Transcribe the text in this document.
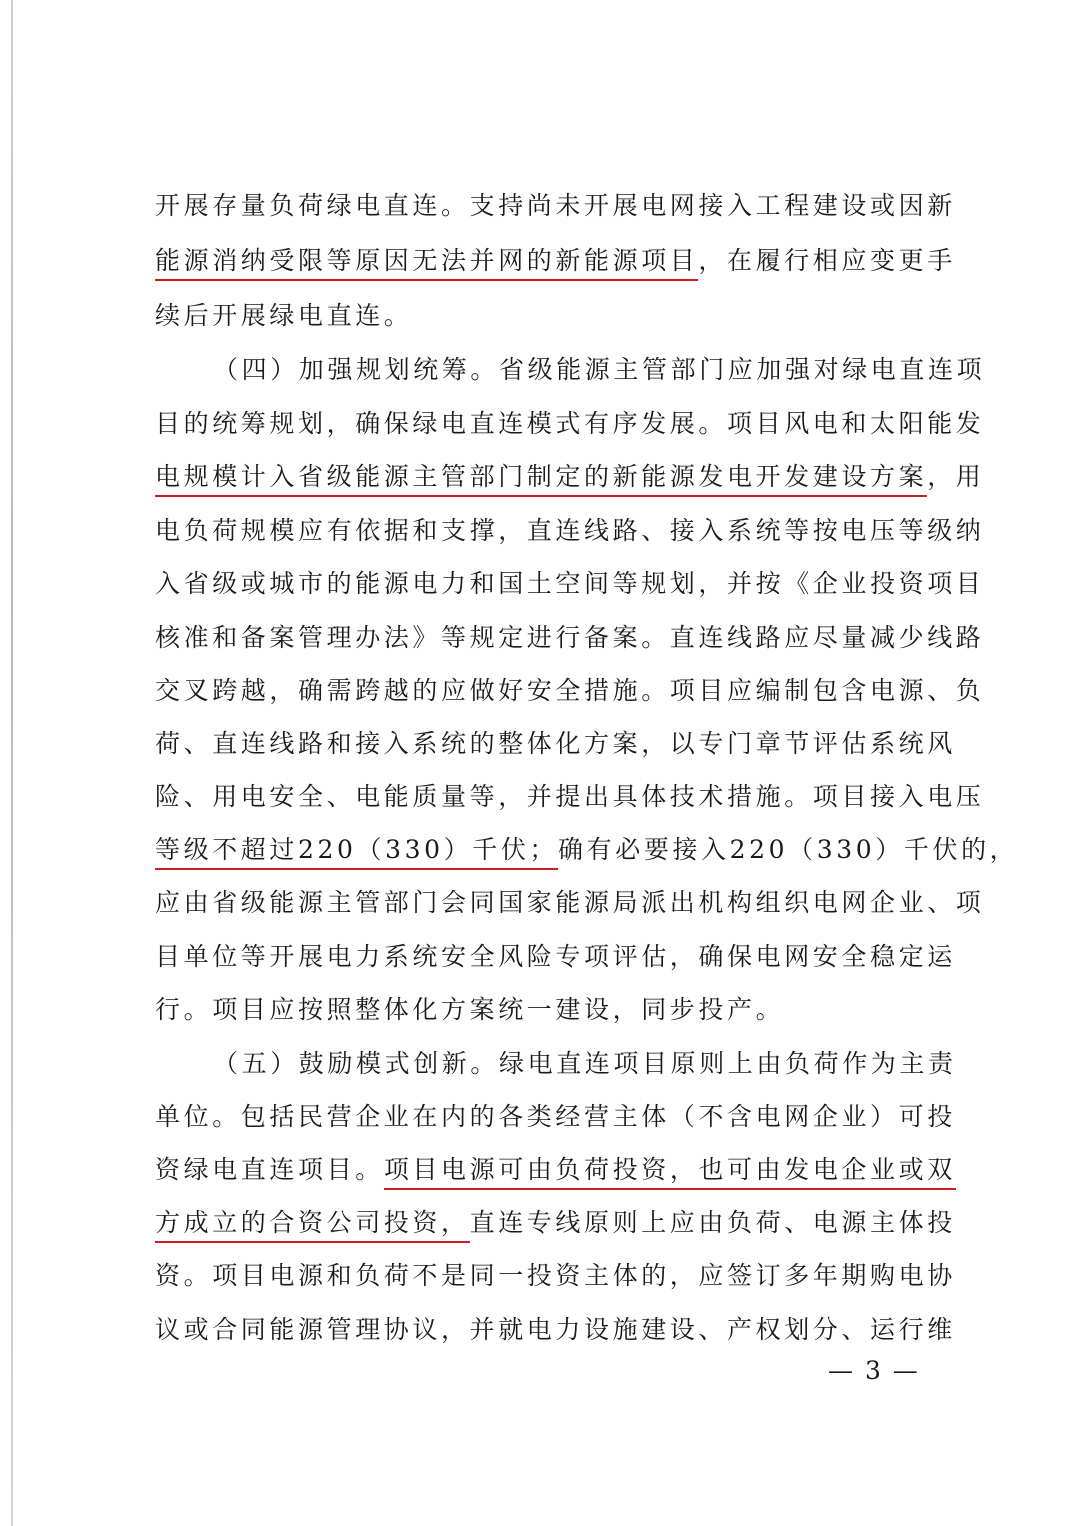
开展存量负荷绿电直连。支持尚未开展电网接入工程建设或因新
能源消纳受限等原因无法并网的新能源项目，在履行相应变更手
续后开展绿电直连。
（四）加强规划统筹。省级能源主管部门应加强对绿电直连项
目的统筹规划，确保绿电直连模式有序发展。项目风电和太阳能发
电规模计入省级能源主管部门制定的新能源发电开发建设方案，用
电负荷规模应有依据和支撑，直连线路、接入系统等按电压等级纳
入省级或城市的能源电力和国土空间等规划，并按《企业投资项目
核准和备案管理办法》等规定进行备案。直连线路应尽量减少线路
交叉跨越，确需跨越的应做好安全措施。项目应编制包含电源、负
荷、直连线路和接入系统的整体化方案，以专门章节评估系统风
险、用电安全、电能质量等，并提出具体技术措施。项目接入电压
等级不超过220（330）千伏；确有必要接入220（330）千伏的，
应由省级能源主管部门会同国家能源局派出机构组织电网企业、项
目单位等开展电力系统安全风险专项评估，确保电网安全稳定运
行。项目应按照整体化方案统一建设，同步投产。
（五）鼓励模式创新。绿电直连项目原则上由负荷作为主责
单位。包括民营企业在内的各类经营主体（不含电网企业）可投
资绿电直连项目。项目电源可由负荷投资，也可由发电企业或双
方成立的合资公司投资，直连专线原则上应由负荷、电源主体投
资。项目电源和负荷不是同一投资主体的，应签订多年期购电协
议或合同能源管理协议，并就电力设施建设、产权划分、运行维
— 3 —
